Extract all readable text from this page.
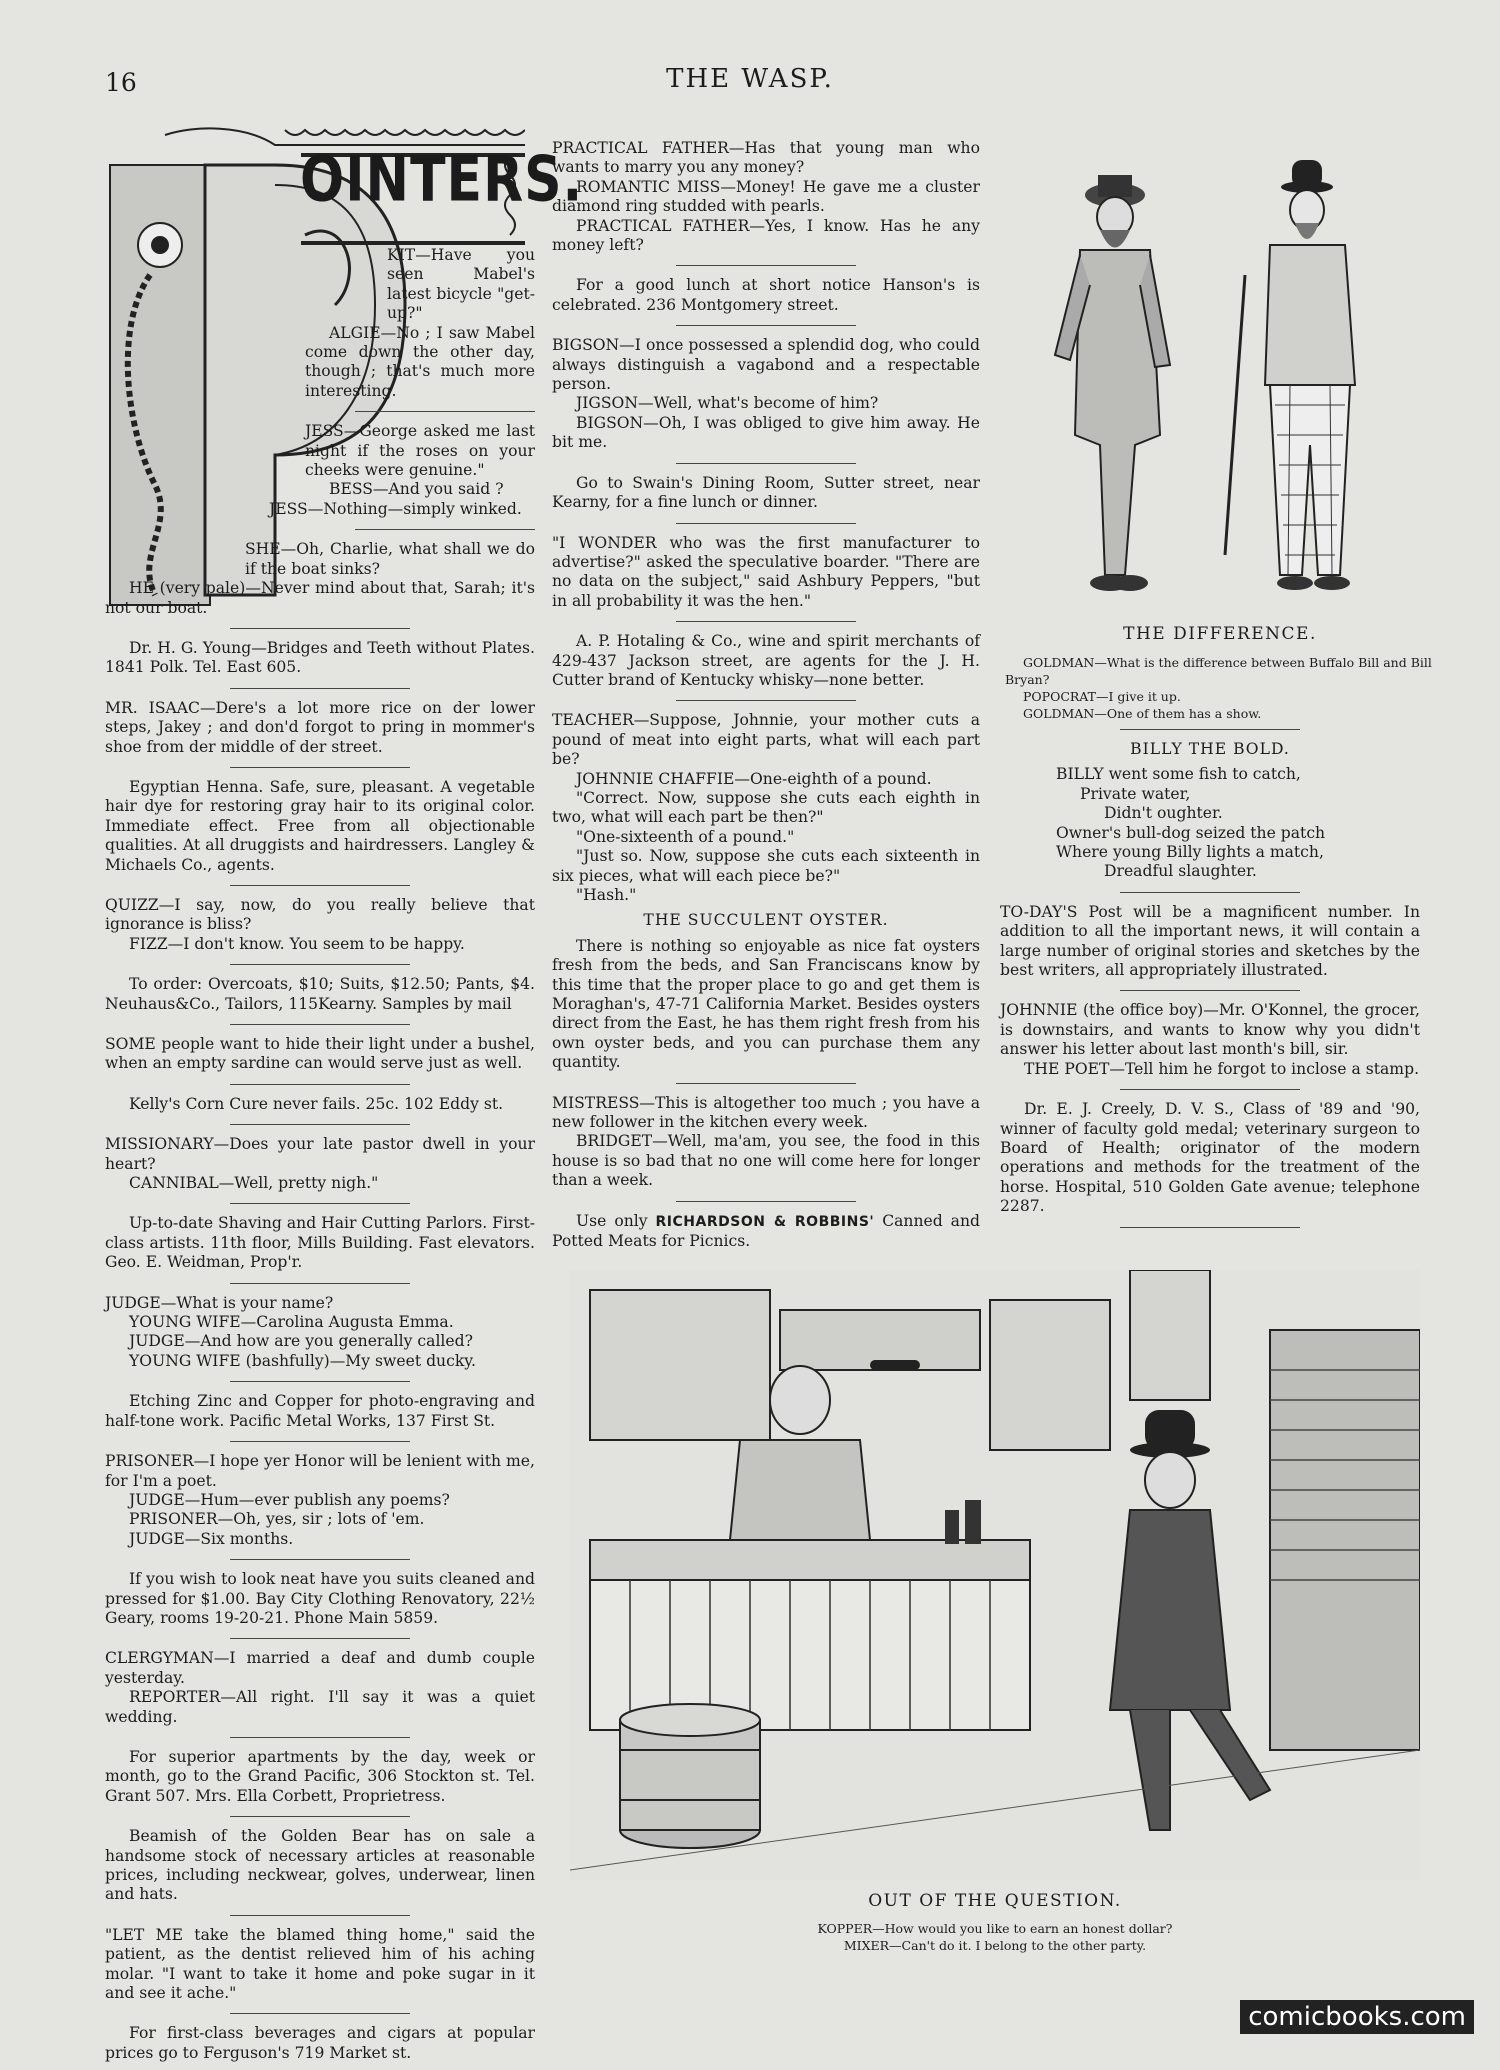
16	THE WASP.
OINTERS.

KIT—Have you seen Mabel's latest bicycle "get-up?"

ALGIE—No ; I saw Mabel come down the other day, though ; that's much more interesting.

JESS—George asked me last night if the roses on your cheeks were genuine."

BESS—And you said ?

JESS—Nothing—simply winked.

SHE—Oh, Charlie, what shall we do if the boat sinks?

HE (very pale)—Never mind about that, Sarah; it's not our boat.

Dr. H. G. Young—Bridges and Teeth without Plates. 1841 Polk. Tel. East 605.

MR. ISAAC—Dere's a lot more rice on der lower steps, Jakey ; and don'd forgot to pring in mommer's shoe from der middle of der street.

Egyptian Henna. Safe, sure, pleasant. A vegetable hair dye for restoring gray hair to its original color. Immediate effect. Free from all objectionable qualities. At all druggists and hairdressers. Langley & Michaels Co., agents.

QUIZZ—I say, now, do you really believe that ignorance is bliss?

FIZZ—I don't know. You seem to be happy.

To order: Overcoats, $10; Suits, $12.50; Pants, $4. Neuhaus&Co., Tailors, 115Kearny. Samples by mail

SOME people want to hide their light under a bushel, when an empty sardine can would serve just as well.

Kelly's Corn Cure never fails. 25c. 102 Eddy st.

MISSIONARY—Does your late pastor dwell in your heart?

CANNIBAL—Well, pretty nigh."

Up-to-date Shaving and Hair Cutting Parlors. First-class artists. 11th floor, Mills Building. Fast elevators. Geo. E. Weidman, Prop'r.

JUDGE—What is your name?

YOUNG WIFE—Carolina Augusta Emma.

JUDGE—And how are you generally called?

YOUNG WIFE (bashfully)—My sweet ducky.

Etching Zinc and Copper for photo-engraving and half-tone work. Pacific Metal Works, 137 First St.

PRISONER—I hope yer Honor will be lenient with me, for I'm a poet.

JUDGE—Hum—ever publish any poems?

PRISONER—Oh, yes, sir ; lots of 'em.

JUDGE—Six months.

If you wish to look neat have you suits cleaned and pressed for $1.00. Bay City Clothing Renovatory, 22½ Geary, rooms 19-20-21. Phone Main 5859.

CLERGYMAN—I married a deaf and dumb couple yesterday.

REPORTER—All right. I'll say it was a quiet wedding.

For superior apartments by the day, week or month, go to the Grand Pacific, 306 Stockton st. Tel. Grant 507. Mrs. Ella Corbett, Proprietress.

Beamish of the Golden Bear has on sale a handsome stock of necessary articles at reasonable prices, including neckwear, golves, underwear, linen and hats.

"LET ME take the blamed thing home," said the patient, as the dentist relieved him of his aching molar. "I want to take it home and poke sugar in it and see it ache."

For first-class beverages and cigars at popular prices go to Ferguson's 719 Market st.

PRACTICAL FATHER—Has that young man who wants to marry you any money?

ROMANTIC MISS—Money! He gave me a cluster diamond ring studded with pearls.

PRACTICAL FATHER—Yes, I know. Has he any money left?

For a good lunch at short notice Hanson's is celebrated. 236 Montgomery street.

BIGSON—I once possessed a splendid dog, who could always distinguish a vagabond and a respectable person.

JIGSON—Well, what's become of him?

BIGSON—Oh, I was obliged to give him away. He bit me.

Go to Swain's Dining Room, Sutter street, near Kearny, for a fine lunch or dinner.

"I WONDER who was the first manufacturer to advertise?" asked the speculative boarder. "There are no data on the subject," said Ashbury Peppers, "but in all probability it was the hen."

A. P. Hotaling & Co., wine and spirit merchants of 429-437 Jackson street, are agents for the J. H. Cutter brand of Kentucky whisky—none better.

TEACHER—Suppose, Johnnie, your mother cuts a pound of meat into eight parts, what will each part be?

JOHNNIE CHAFFIE—One-eighth of a pound.

"Correct. Now, suppose she cuts each eighth in two, what will each part be then?"

"One-sixteenth of a pound."

"Just so. Now, suppose she cuts each sixteenth in six pieces, what will each piece be?"

"Hash."

THE SUCCULENT OYSTER.

There is nothing so enjoyable as nice fat oysters fresh from the beds, and San Franciscans know by this time that the proper place to go and get them is Moraghan's, 47-71 California Market. Besides oysters direct from the East, he has them right fresh from his own oyster beds, and you can purchase them any quantity.

MISTRESS—This is altogether too much ; you have a new follower in the kitchen every week.

BRIDGET—Well, ma'am, you see, the food in this house is so bad that no one will come here for longer than a week.

Use only RICHARDSON & ROBBINS' Canned and Potted Meats for Picnics.

THE DIFFERENCE.
GOLDMAN—What is the difference between Buffalo Bill and Bill Bryan?
POPOCRAT—I give it up.
GOLDMAN—One of them has a show.
BILLY THE BOLD.

BILLY went some fish to catch,

Private water,

Didn't oughter.

Owner's bull-dog seized the patch

Where young Billy lights a match,

Dreadful slaughter.

TO-DAY'S Post will be a magnificent number. In addition to all the important news, it will contain a large number of original stories and sketches by the best writers, all appropriately illustrated.

JOHNNIE (the office boy)—Mr. O'Konnel, the grocer, is downstairs, and wants to know why you didn't answer his letter about last month's bill, sir.

THE POET—Tell him he forgot to inclose a stamp.

Dr. E. J. Creely, D. V. S., Class of '89 and '90, winner of faculty gold medal; veterinary surgeon to Board of Health; originator of the modern operations and methods for the treatment of the horse. Hospital, 510 Golden Gate avenue; telephone 2287.

OUT OF THE QUESTION.
KOPPER—How would you like to earn an honest dollar?
MIXER—Can't do it. I belong to the other party.
comicbooks.com
